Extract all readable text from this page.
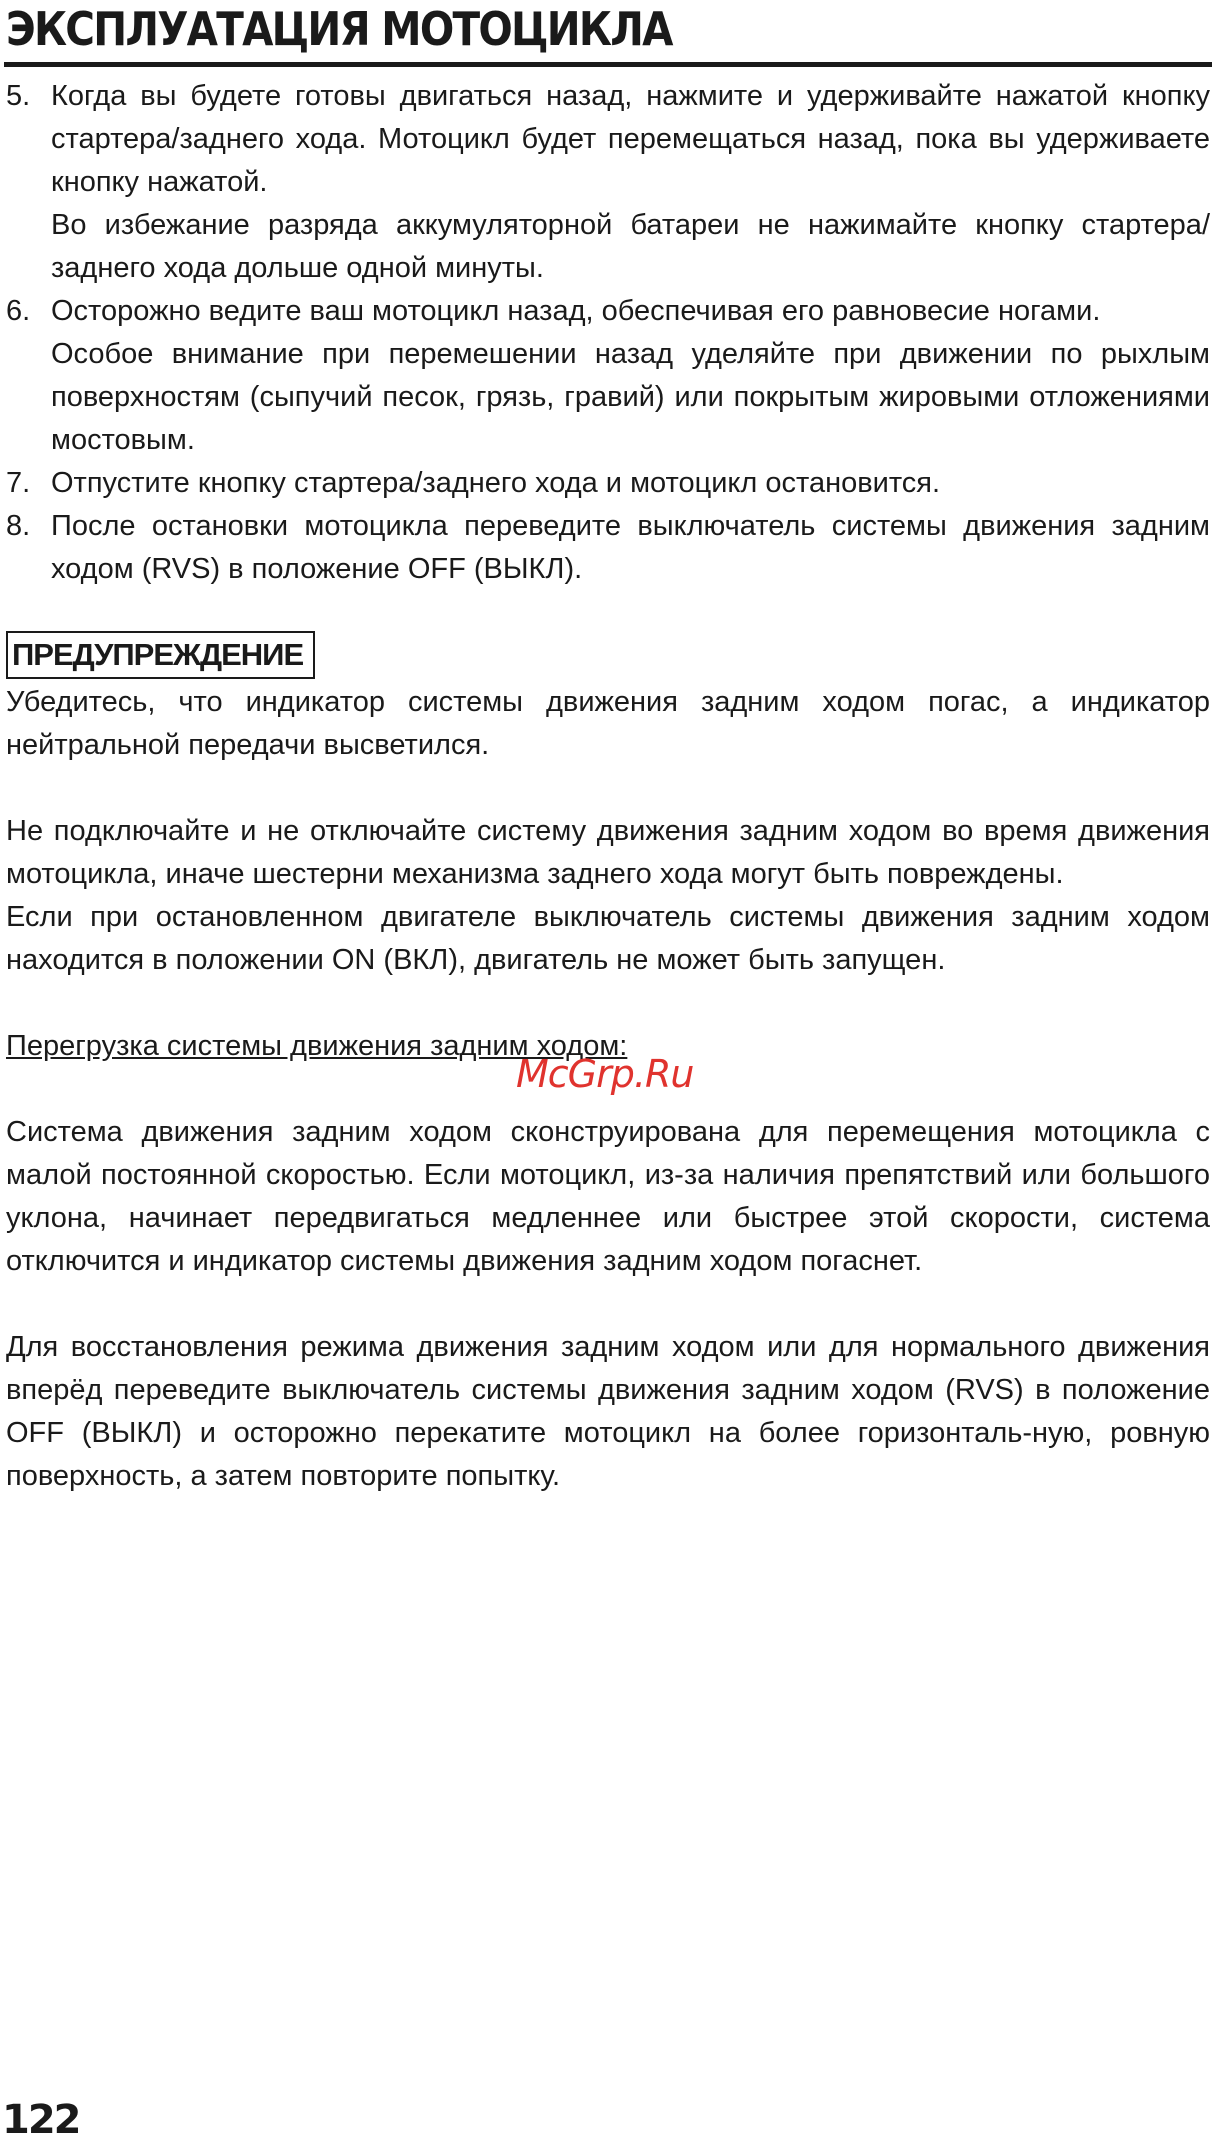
ЭКСПЛУАТАЦИЯ МОТОЦИКЛА
5. Когда вы будете готовы двигаться назад, нажмите и удерживайте нажатой кнопку стартера/заднего хода. Мотоцикл будет перемещаться назад, пока вы удерживаете кнопку нажатой.

Во избежание разряда аккумуляторной батареи не нажимайте кнопку стартера/заднего хода дольше одной минуты.

6. Осторожно ведите ваш мотоцикл назад, обеспечивая его равновесие ногами.

Особое внимание при перемешении назад уделяйте при движении по рыхлым поверхностям (сыпучий песок, грязь, гравий) или покрытым жировыми отложениями мостовым.

7. Отпустите кнопку стартера/заднего хода и мотоцикл остановится.

8. После остановки мотоцикла переведите выключатель системы движения задним ходом (RVS) в положение OFF (ВЫКЛ).

ПРЕДУПРЕЖДЕНИЕ

Убедитесь, что индикатор системы движения задним ходом погас, а индикатор нейтральной передачи высветился.

Не подключайте и не отключайте систему движения задним ходом во время движения мотоцикла, иначе шестерни механизма заднего хода могут быть повреждены.

Если при остановленном двигателе выключатель системы движения задним ходом находится в положении ON (ВКЛ), двигатель не может быть запущен.

Перегрузка системы движения задним ходом:

Система движения задним ходом сконструирована для перемещения мотоцикла с малой постоянной скоростью. Если мотоцикл, из-за наличия препятствий или большого уклона, начинает передвигаться медленнее или быстрее этой скорости, система отключится и индикатор системы движения задним ходом погаснет.

Для восстановления режима движения задним ходом или для нормального движения вперёд переведите выключатель системы движения задним ходом (RVS) в положение OFF (ВЫКЛ) и осторожно перекатите мотоцикл на более горизонталь-ную, ровную поверхность, а затем повторите попытку.

McGrp.Ru
122
